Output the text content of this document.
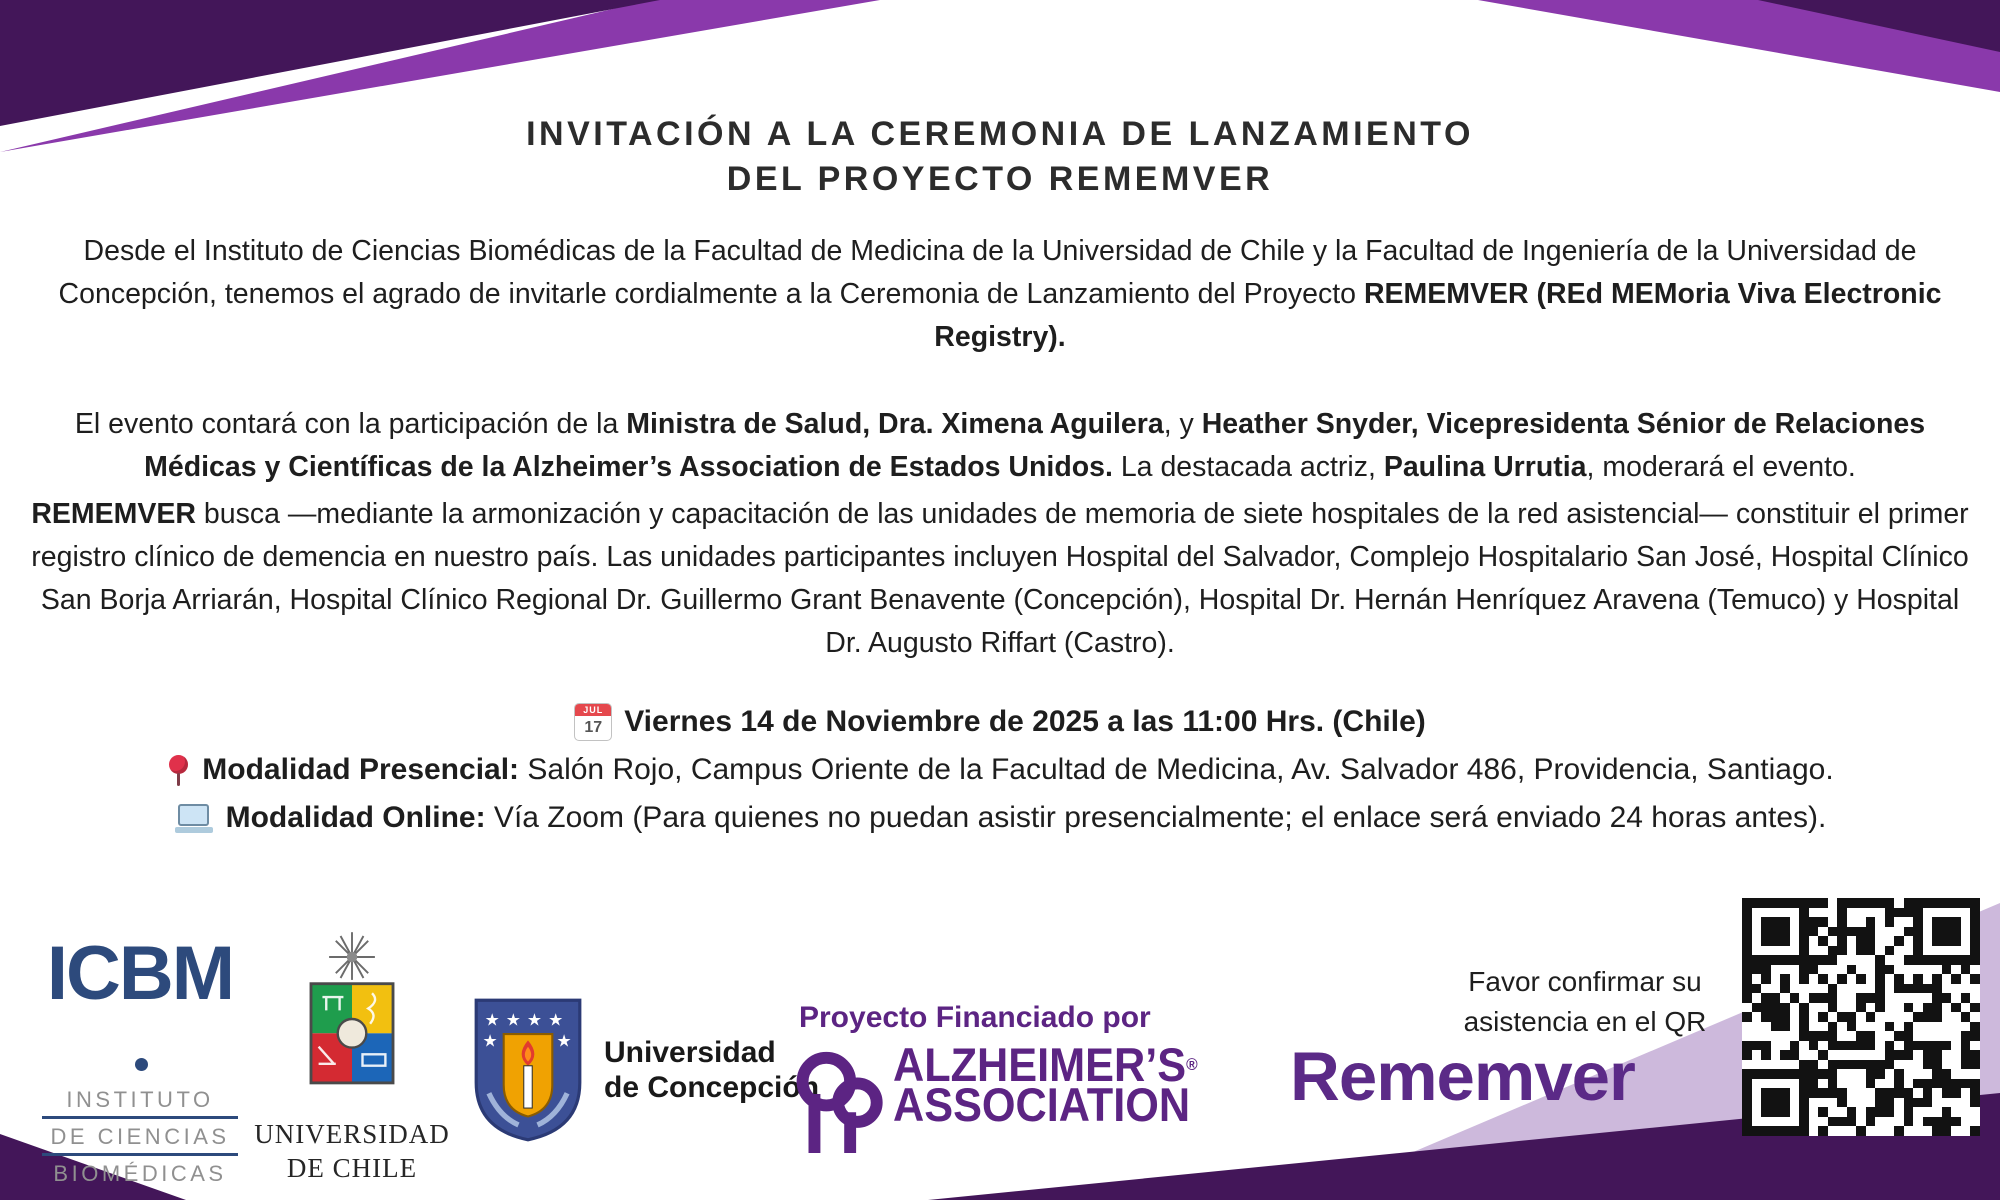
INVITACIÓN A LA CEREMONIA DE LANZAMIENTO
DEL PROYECTO REMEMVER

Desde el Instituto de Ciencias Biomédicas de la Facultad de Medicina de la Universidad de Chile y la Facultad de Ingeniería de la Universidad de Concepción, tenemos el agrado de invitarle cordialmente a la Ceremonia de Lanzamiento del Proyecto REMEMVER (REd MEMoria Viva Electronic Registry).

El evento contará con la participación de la Ministra de Salud, Dra. Ximena Aguilera, y Heather Snyder, Vicepresidenta Sénior de Relaciones Médicas y Científicas de la Alzheimer’s Association de Estados Unidos. La destacada actriz, Paulina Urrutia, moderará el evento.

REMEMVER busca —mediante la armonización y capacitación de las unidades de memoria de siete hospitales de la red asistencial— constituir el primer registro clínico de demencia en nuestro país. Las unidades participantes incluyen Hospital del Salvador, Complejo Hospitalario San José, Hospital Clínico San Borja Arriarán, Hospital Clínico Regional Dr. Guillermo Grant Benavente (Concepción), Hospital Dr. Hernán Henríquez Aravena (Temuco) y Hospital Dr. Augusto Riffart (Castro).

JUL
17 Viernes 14 de Noviembre de 2025 a las 11:00 Hrs. (Chile)
Modalidad Presencial: Salón Rojo, Campus Oriente de la Facultad de Medicina, Av. Salvador 486, Providencia, Santiago.
Modalidad Online: Vía Zoom (Para quienes no puedan asistir presencialmente; el enlace será enviado 24 horas antes).
ICBM
INSTITUTO
DE CIENCIAS
BIOMÉDICAS
UNIVERSIDAD
DE CHILE
★ ★ ★ ★
★	★ Universidad
de Concepción
Proyecto Financiado por
ALZHEIMER’S®
ASSOCIATION Rememver
Favor confirmar su
asistencia en el QR
